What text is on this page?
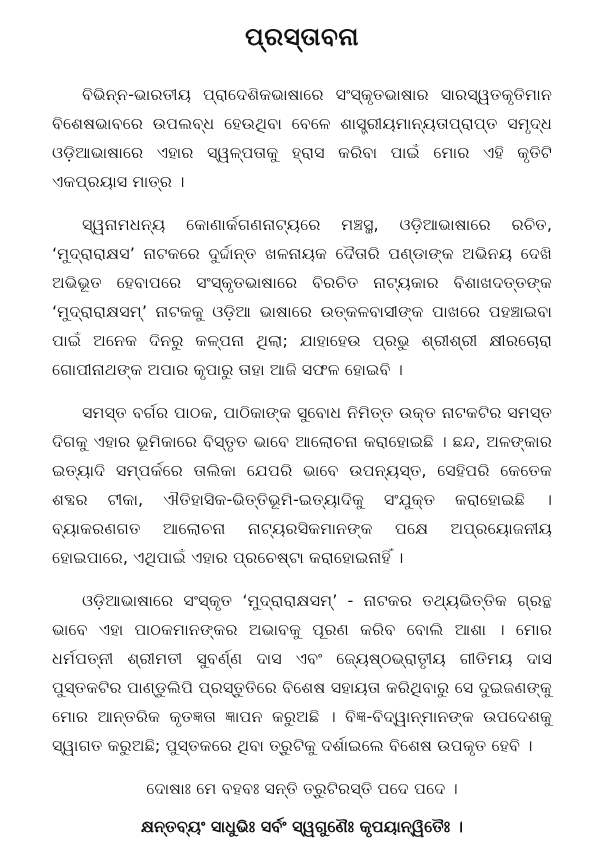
ପ୍ରସ୍ତାବନା

ବିଭିନ୍ନ-ଭାରତୀୟ ପ୍ରାଦେଶିକଭାଷାରେ ସଂସ୍କୃତଭାଷାର ସାରସ୍ୱତକୃତିମାନ ବିଶେଷଭାବରେ ଉପଲବ୍ଧ ହେଉଥିବା ବେଳେ ଶାସ୍ତ୍ରୀୟମାନ୍ୟତାପ୍ରାପ୍ତ ସମୃଦ୍ଧ ଓଡ଼ିଆଭାଷାରେ ଏହାର ସ୍ୱଳ୍ପତାକୁ ହ୍ରାସ କରିବା ପାଇଁ ମୋର ଏହି କୃତିଟି ଏକପ୍ରୟାସ ମାତ୍ର ।

ସ୍ୱନାମଧନ୍ୟ କୋଣାର୍କଗଣନାଟ୍ୟରେ ମଞ୍ଚସ୍ଥ, ଓଡ଼ିଆଭାଷାରେ ରଚିତ, ‘ମୁଦ୍ରାରାକ୍ଷସ’ ନାଟକରେ ଦୁର୍ଦ୍ଦାନ୍ତ ଖଳନାୟକ ଦୈତାରି ପଣ୍ଡାଙ୍କ ଅଭିନୟ ଦେଖି ଅଭିଭୂତ ହେବାପରେ ସଂସ୍କୃତଭାଷାରେ ବିରଚିତ ନାଟ୍ୟକାର ବିଶାଖଦତ୍ତଙ୍କ ‘ମୁଦ୍ରାରାକ୍ଷସମ୍’ ନାଟକକୁ ଓଡ଼ିଆ ଭାଷାରେ ଉତ୍କଳବାସୀଙ୍କ ପାଖରେ ପହଞ୍ଚାଇବା ପାଇଁ ଅନେକ ଦିନରୁ କଳ୍ପନା ଥିଲା; ଯାହାହେଉ ପ୍ରଭୁ ଶ୍ରୀଶ୍ରୀ କ୍ଷୀରଚୋରା ଗୋପୀନାଥଙ୍କ ଅପାର କୃପାରୁ ତାହା ଆଜି ସଫଳ ହୋଇବି ।

ସମସ୍ତ ବର୍ଗର ପାଠକ, ପାଠିକାଙ୍କ ସୁବୋଧ ନିମିତ୍ତ ଉକ୍ତ ନାଟକଟିର ସମସ୍ତ ଦିଗକୁ ଏହାର ଭୂମିକାରେ ବିସ୍ତୃତ ଭାବେ ଆଲୋଚନା କରାହୋଇଛି । ଛନ୍ଦ, ଅଳଙ୍କାର ଇତ୍ୟାଦି ସମ୍ପର୍କରେ ତାଲିକା ଯେପରି ଭାବେ ଉପନ୍ୟସ୍ତ, ସେହିପରି କେତେକ ଶବ୍ଦର ଟୀକା, ଐତିହାସିକ-ଭିତ୍ତିଭୂମି-ଇତ୍ୟାଦିକୁ ସଂଯୁକ୍ତ କରାହୋଇଛି । ବ୍ୟାକରଣଗତ ଆଲୋଚନା ନାଟ୍ୟରସିକମାନଙ୍କ ପକ୍ଷେ ଅପ୍ରୟୋଜନୀୟ ହୋଇପାରେ, ଏଥିପାଇଁ ଏହାର ପ୍ରଚେଷ୍ଟା କରାହୋଇନାହିଁ ।

ଓଡ଼ିଆଭାଷାରେ ସଂସ୍କୃତ ‘ମୁଦ୍ରାରାକ୍ଷସମ୍’ - ନାଟକର ତଥ୍ୟଭିତ୍ତିକ ଗ୍ରନ୍ଥ ଭାବେ ଏହା ପାଠକମାନଙ୍କର ଅଭାବକୁ ପୂରଣ କରିବ ବୋଲି ଆଶା । ମୋର ଧର୍ମପତ୍ନୀ ଶ୍ରୀମତୀ ସୁବର୍ଣ୍ଣ ଦାସ ଏବଂ ଜ୍ୟେଷ୍ଠଭ୍ରାତୃୀୟ ଗୀତିମୟ ଦାସ ପୁସ୍ତକଟିର ପାଣ୍ଡୁଲିପି ପ୍ରସ୍ତୁତିରେ ବିଶେଷ ସହାୟତା କରିଥିବାରୁ ସେ ଦୁଇଜଣଙ୍କୁ ମୋର ଆନ୍ତରିକ କୃତଜ୍ଞତା ଜ୍ଞାପନ କରୁଅଛି । ବିଜ୍ଞ-ବିଦ୍ୱାନ୍‌ମାନଙ୍କ ଉପଦେଶକୁ ସ୍ୱାଗତ କରୁଅଛି; ପୁସ୍ତକରେ ଥିବା ତ୍ରୁଟିକୁ ଦର୍ଶାଇଲେ ବିଶେଷ ଉପକୃତ ହେବି ।

ଦୋଷାଃ ମେ ବହବଃ ସନ୍ତି ତ୍ରୁଟିରସ୍ତି ପଦେ ପଦେ ।

କ୍ଷନ୍ତବ୍ୟଂ ସାଧୁଭିଃ ସର୍ବଂ ସ୍ୱଗୁଣୈଃ କୃପୟାନ୍ୱିତୈଃ ।
